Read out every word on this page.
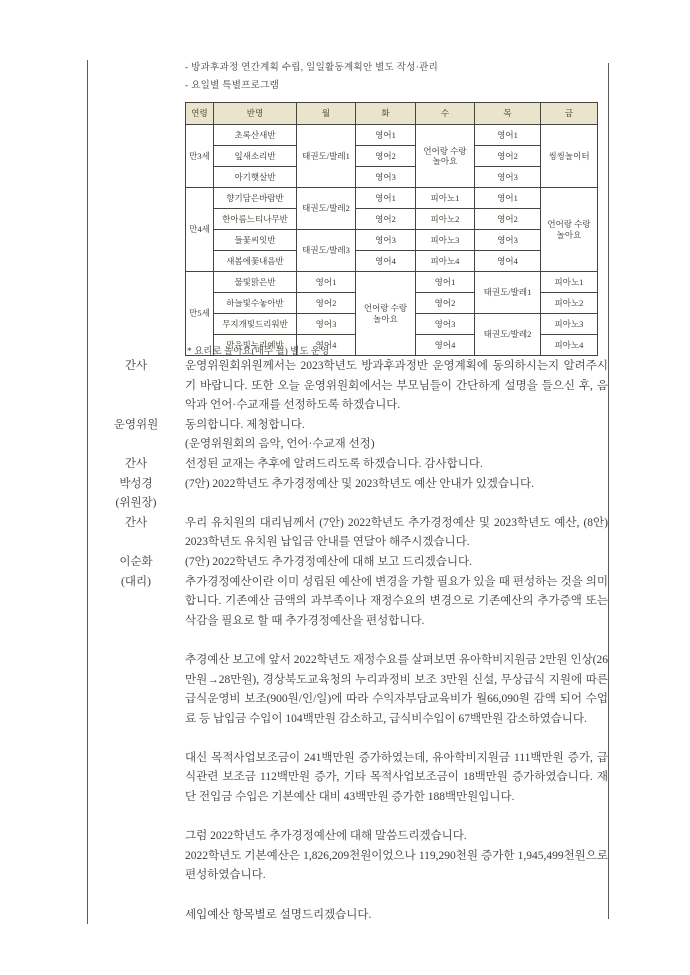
- 방과후과정 연간계획 수립, 일일활동계획안 별도 작성·관리
- 요일별 특별프로그램
연령	반명	월	화	수	목	금
만3세	초록산새반	태권도/발레1	영어1	언어랑 수랑 놀아요	영어1	씽씽놀이터
	잎새소리반		영어2		영어2	
	아기햇살반		영어3		영어3	
만4세	향기담은바람반	태권도/발레2	영어1	피아노1	영어1	언어랑 수랑 놀아요
	한아름느티나무반		영어2	피아노2	영어2	
	들꽃씨잇반	태권도/발레3	영어3	피아노3	영어3	
	새봄에꽃내음반		영어4	피아노4	영어4	
만5세	물빛맑은반	영어1	언어랑 수랑 놀아요	영어1	태권도/발레1	피아노1
	하늘빛수놓아반	영어2		영어2		피아노2
	무지개빛드리워반	영어3		영어3	태권도/발레2	피아노3
	맑은빛누리예반	영어4		영어4		피아노4
* 요리로 놀아요(매주 월) 별도 운영
간사	운영위원회위원께서는 2023학년도 방과후과정반 운영계획에 동의하시는지 알려주시기 바랍니다. 또한 오늘 운영위원회에서는 부모님들이 간단하게 설명을 들으신 후, 음악과 언어·수교재를 선정하도록 하겠습니다.

운영위원	동의합니다. 제청합니다.

(운영위원회의 음악, 언어·수교재 선정)

간사	선정된 교재는 추후에 알려드리도록 하겠습니다. 감사합니다.

박성경
(위원장)

(7안) 2022학년도 추가경정예산 및 2023학년도 예산 안내가 있겠습니다.

간사	우리 유치원의 대리님께서 (7안) 2022학년도 추가경정예산 및 2023학년도 예산, (8안) 2023학년도 유치원 납입금 안내를 연달아 해주시겠습니다.

이순화
(대리)

(7안) 2022학년도 추가경정예산에 대해 보고 드리겠습니다.

추가경정예산이란 이미 성립된 예산에 변경을 가할 필요가 있을 때 편성하는 것을 의미합니다. 기존예산 금액의 과부족이나 재정수요의 변경으로 기존예산의 추가증액 또는 삭감을 필요로 할 때 추가경정예산을 편성합니다.

추경예산 보고에 앞서 2022학년도 재정수요를 살펴보면 유아학비지원금 2만원 인상(26만원→28만원), 경상북도교육청의 누리과정비 보조 3만원 신설, 무상급식 지원에 따른 급식운영비 보조(900원/인/일)에 따라 수익자부담교육비가 월66,090원 감액 되어 수업료 등 납입금 수입이 104백만원 감소하고, 급식비수입이 67백만원 감소하였습니다.

대신 목적사업보조금이 241백만원 증가하였는데, 유아학비지원금 111백만원 증가, 급식관련 보조금 112백만원 증가, 기타 목적사업보조금이 18백만원 증가하였습니다. 재단 전입금 수입은 기본예산 대비 43백만원 증가한 188백만원입니다.

그럼 2022학년도 추가경정예산에 대해 말씀드리겠습니다.

2022학년도 기본예산은 1,826,209천원이었으나 119,290천원 증가한 1,945,499천원으로 편성하였습니다.

세입예산 항목별로 설명드리겠습니다.
